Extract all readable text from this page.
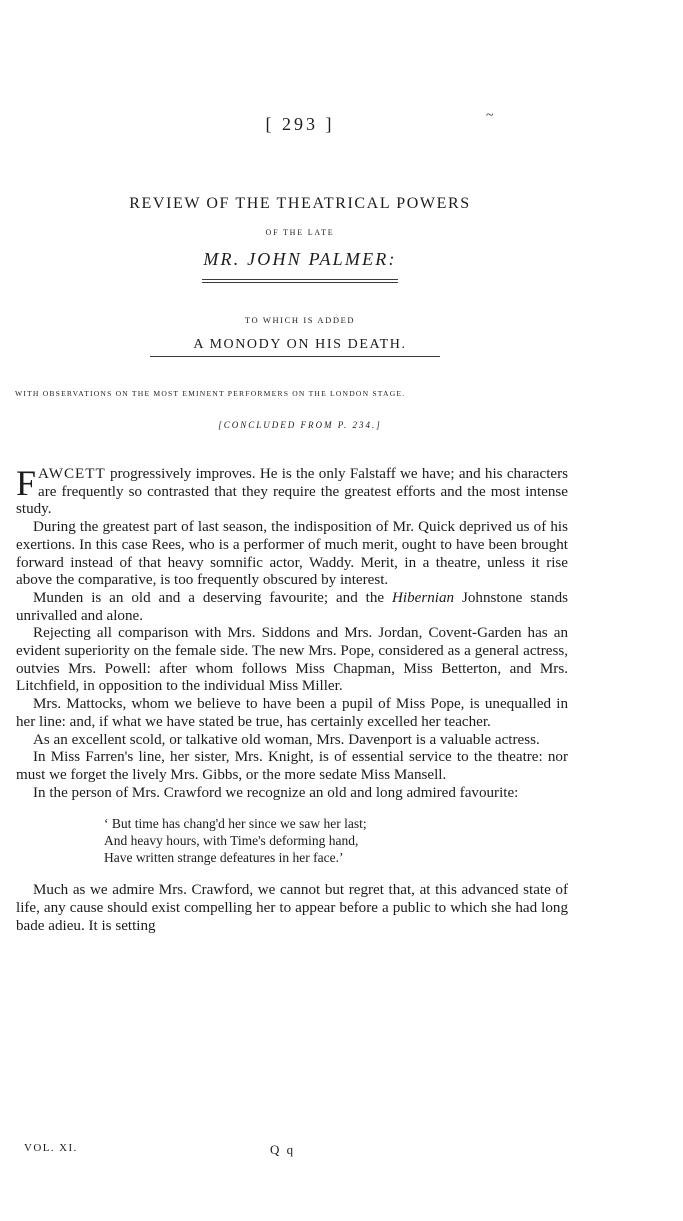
[ 293 ]	~
REVIEW OF THE THEATRICAL POWERS
OF THE LATE
MR. JOHN PALMER:
TO WHICH IS ADDED
A MONODY ON HIS DEATH.
WITH OBSERVATIONS ON THE MOST EMINENT PERFORMERS ON THE LONDON STAGE.
[CONCLUDED FROM P. 234.]

FAWCETT progressively improves. He is the only Falstaff we have; and his characters are frequently so contrasted that they require the greatest efforts and the most intense study.

During the greatest part of last season, the indisposition of Mr. Quick deprived us of his exertions. In this case Rees, who is a performer of much merit, ought to have been brought forward instead of that heavy somnific actor, Waddy. Merit, in a theatre, unless it rise above the comparative, is too frequently obscured by interest.

Munden is an old and a deserving favourite; and the Hibernian Johnstone stands unrivalled and alone.

Rejecting all comparison with Mrs. Siddons and Mrs. Jordan, Covent-Garden has an evident superiority on the female side. The new Mrs. Pope, considered as a general actress, outvies Mrs. Powell: after whom follows Miss Chapman, Miss Betterton, and Mrs. Litchfield, in opposition to the individual Miss Miller.

Mrs. Mattocks, whom we believe to have been a pupil of Miss Pope, is unequalled in her line: and, if what we have stated be true, has certainly excelled her teacher.

As an excellent scold, or talkative old woman, Mrs. Davenport is a valuable actress.

In Miss Farren's line, her sister, Mrs. Knight, is of essential service to the theatre: nor must we forget the lively Mrs. Gibbs, or the more sedate Miss Mansell.

In the person of Mrs. Crawford we recognize an old and long admired favourite:

‘ But time has chang'd her since we saw her last;
And heavy hours, with Time's deforming hand,
Have written strange defeatures in her face.’

Much as we admire Mrs. Crawford, we cannot but regret that, at this advanced state of life, any cause should exist compelling her to appear before a public to which she had long bade adieu. It is setting

VOL. XI.	Q q
